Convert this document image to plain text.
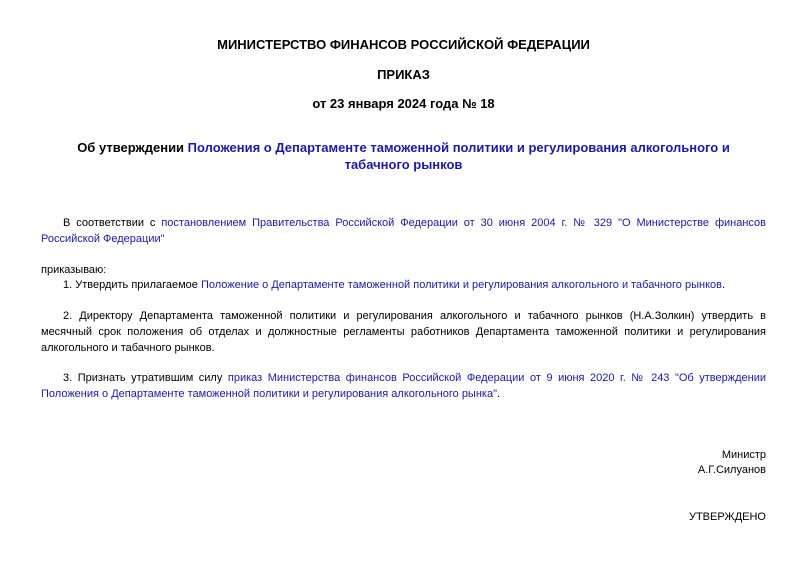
МИНИСТЕРСТВО ФИНАНСОВ РОССИЙСКОЙ ФЕДЕРАЦИИ
ПРИКАЗ
от 23 января 2024 года № 18
Об утверждении Положения о Департаменте таможенной политики и регулирования алкогольного и табачного рынков
В соответствии с постановлением Правительства Российской Федерации от 30 июня 2004 г. № 329 "О Министерстве финансов Российской Федерации"
приказываю:
1. Утвердить прилагаемое Положение о Департаменте таможенной политики и регулирования алкогольного и табачного рынков.
2. Директору Департамента таможенной политики и регулирования алкогольного и табачного рынков (Н.А.Золкин) утвердить в месячный срок положения об отделах и должностные регламенты работников Департамента таможенной политики и регулирования алкогольного и табачного рынков.
3. Признать утратившим силу приказ Министерства финансов Российской Федерации от 9 июня 2020 г. № 243 "Об утверждении Положения о Департаменте таможенной политики и регулирования алкогольного рынка".
Министр
А.Г.Силуанов
УТВЕРЖДЕНО
